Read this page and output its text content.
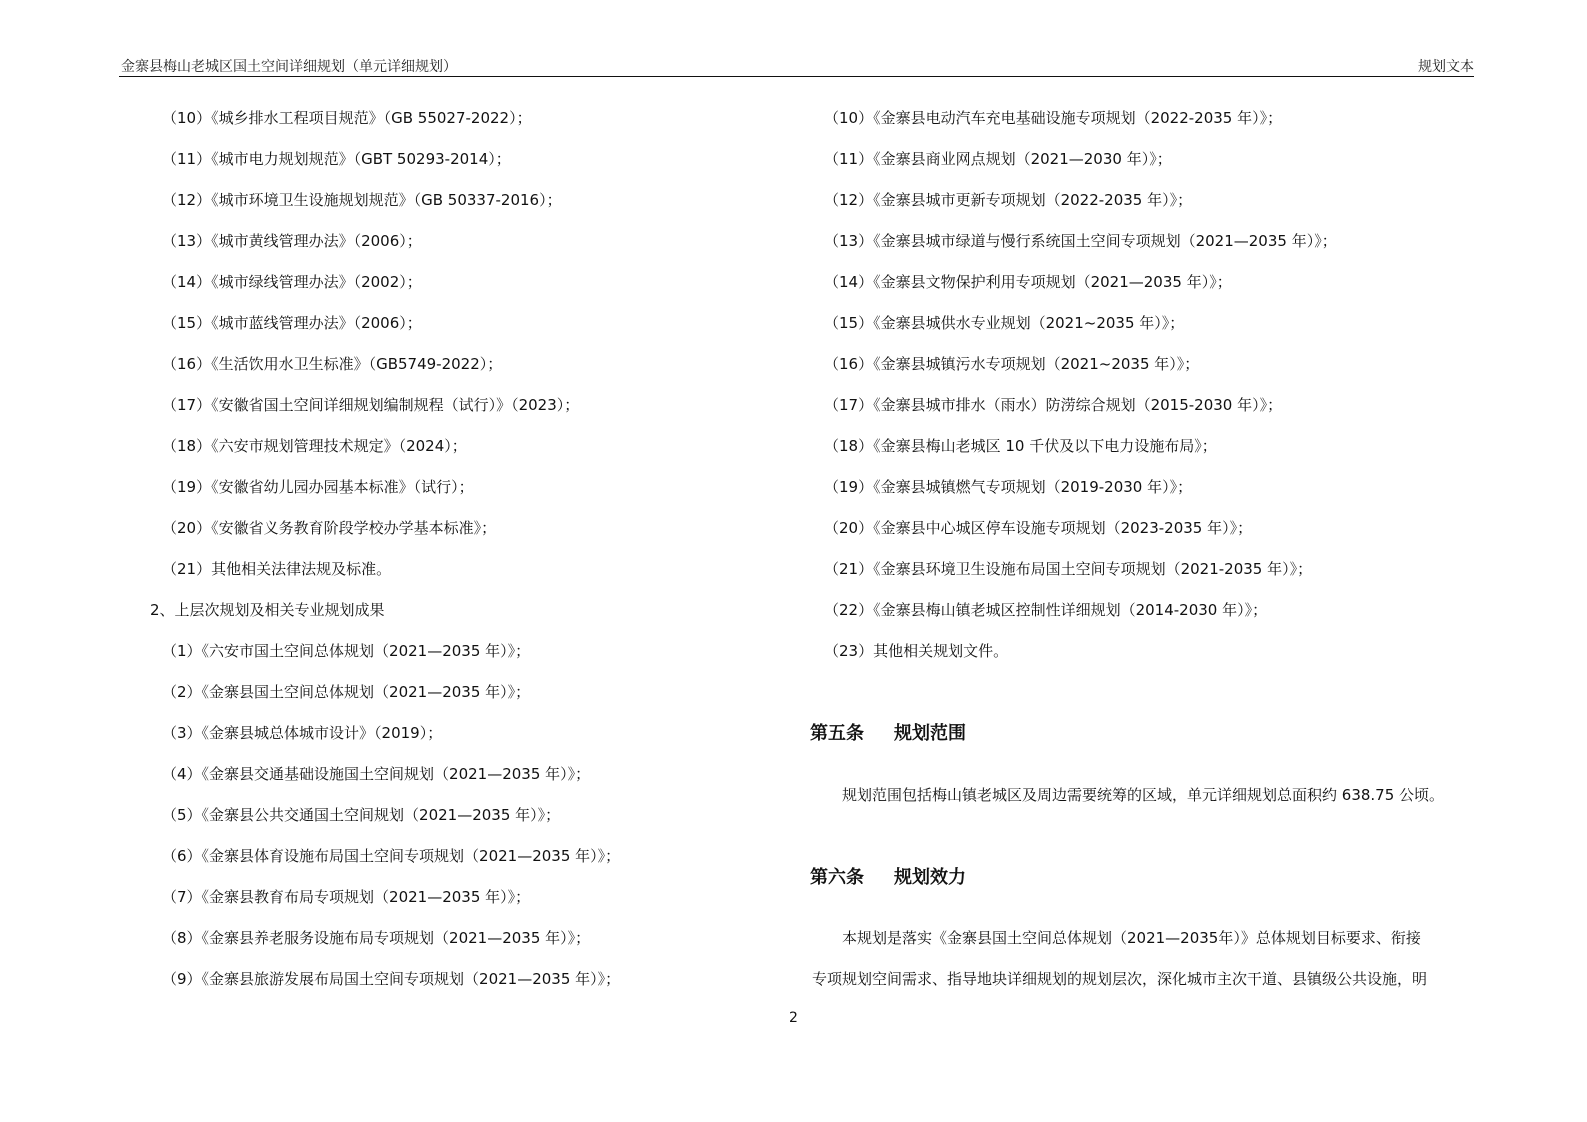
金寨县梅山老城区国土空间详细规划（单元详细规划）	规划文本
（10）《城乡排水工程项目规范》（GB 55027-2022）；
（11）《城市电力规划规范》（GBT 50293-2014）；
（12）《城市环境卫生设施规划规范》（GB 50337-2016）；
（13）《城市黄线管理办法》（2006）；
（14）《城市绿线管理办法》（2002）；
（15）《城市蓝线管理办法》（2006）；
（16）《生活饮用水卫生标准》（GB5749-2022）；
（17）《安徽省国土空间详细规划编制规程（试行）》（2023）；
（18）《六安市规划管理技术规定》（2024）；
（19）《安徽省幼儿园办园基本标准》（试行）；
（20）《安徽省义务教育阶段学校办学基本标准》；
（21）其他相关法律法规及标准。
2、上层次规划及相关专业规划成果
（1）《六安市国土空间总体规划（2021—2035 年）》；
（2）《金寨县国土空间总体规划（2021—2035 年）》；
（3）《金寨县城总体城市设计》（2019）；
（4）《金寨县交通基础设施国土空间规划（2021—2035 年）》；
（5）《金寨县公共交通国土空间规划（2021—2035 年）》；
（6）《金寨县体育设施布局国土空间专项规划（2021—2035 年）》；
（7）《金寨县教育布局专项规划（2021—2035 年）》；
（8）《金寨县养老服务设施布局专项规划（2021—2035 年）》；
（9）《金寨县旅游发展布局国土空间专项规划（2021—2035 年）》；
（10）《金寨县电动汽车充电基础设施专项规划（2022-2035 年）》；
（11）《金寨县商业网点规划（2021—2030 年）》；
（12）《金寨县城市更新专项规划（2022-2035 年）》；
（13）《金寨县城市绿道与慢行系统国土空间专项规划（2021—2035 年）》；
（14）《金寨县文物保护利用专项规划（2021—2035 年）》；
（15）《金寨县城供水专业规划（2021~2035 年）》；
（16）《金寨县城镇污水专项规划（2021~2035 年）》；
（17）《金寨县城市排水（雨水）防涝综合规划（2015-2030 年）》；
（18）《金寨县梅山老城区 10 千伏及以下电力设施布局》；
（19）《金寨县城镇燃气专项规划（2019-2030 年）》；
（20）《金寨县中心城区停车设施专项规划（2023-2035 年）》；
（21）《金寨县环境卫生设施布局国土空间专项规划（2021-2035 年）》；
（22）《金寨县梅山镇老城区控制性详细规划（2014-2030 年）》；
（23）其他相关规划文件。
第五条 规划范围
规划范围包括梅山镇老城区及周边需要统筹的区域，单元详细规划总面积约 638.75 公顷。
第六条 规划效力
本规划是落实《金寨县国土空间总体规划（2021—2035年）》总体规划目标要求、衔接
专项规划空间需求、指导地块详细规划的规划层次，深化城市主次干道、县镇级公共设施，明
2
